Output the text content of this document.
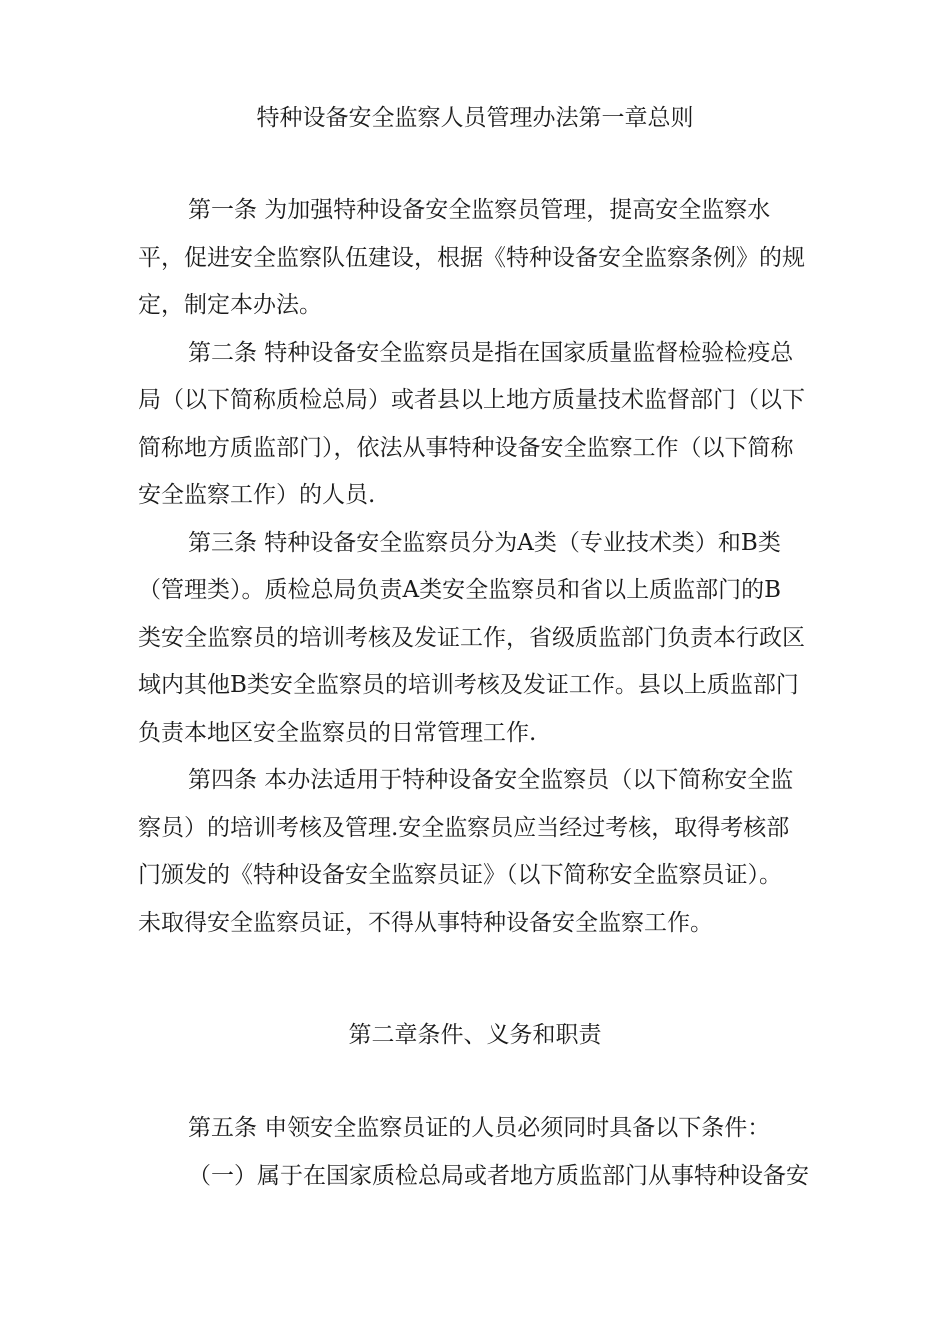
特种设备安全监察人员管理办法第一章总则
第一条 为加强特种设备安全监察员管理，提高安全监察水
平，促进安全监察队伍建设，根据《特种设备安全监察条例》的规
定，制定本办法。
第二条 特种设备安全监察员是指在国家质量监督检验检疫总
局（以下简称质检总局）或者县以上地方质量技术监督部门（以下
简称地方质监部门），依法从事特种设备安全监察工作（以下简称
安全监察工作）的人员.
第三条 特种设备安全监察员分为A类（专业技术类）和B类
（管理类）。质检总局负责A类安全监察员和省以上质监部门的B
类安全监察员的培训考核及发证工作，省级质监部门负责本行政区
域内其他B类安全监察员的培训考核及发证工作。县以上质监部门
负责本地区安全监察员的日常管理工作.
第四条 本办法适用于特种设备安全监察员（以下简称安全监
察员）的培训考核及管理.安全监察员应当经过考核，取得考核部
门颁发的《特种设备安全监察员证》（以下简称安全监察员证）。
未取得安全监察员证，不得从事特种设备安全监察工作。
第二章条件、义务和职责
第五条 申领安全监察员证的人员必须同时具备以下条件：
（一）属于在国家质检总局或者地方质监部门从事特种设备安
